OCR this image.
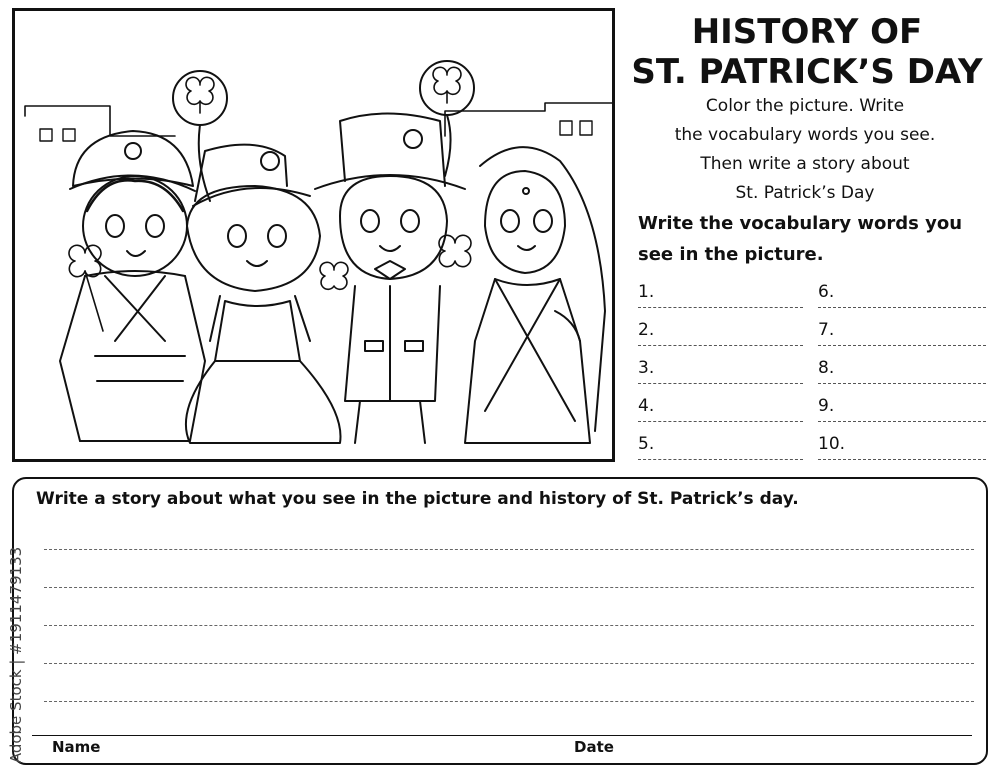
HISTORY OF
ST. PATRICK’S DAY
Color the picture. Write
the vocabulary words you see.
Then write a story about
St. Patrick’s Day
Write the vocabulary words you
see in the picture.
1.
2.
3.
4.
5.
6.
7.
8.
9.
10.
Write a story about what you see in the picture and history of St. Patrick’s day.
Name	Date
Adobe Stock | #1911479133
